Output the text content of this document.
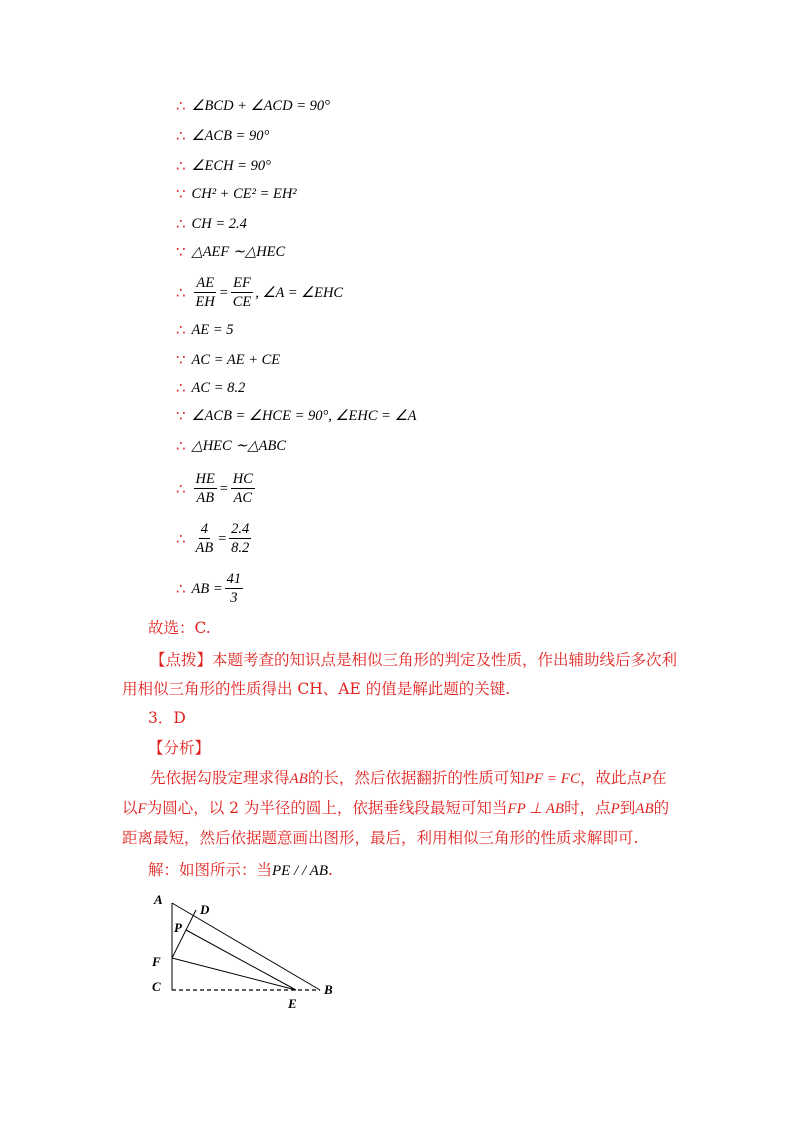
∴ ∠BCD + ∠ACD = 90°
∴ ∠ACB = 90°
∴ ∠ECH = 90°
∵ CH² + CE² = EH²
∴ CH = 2.4
∵ △AEF ∼△HEC
∴ $\frac{AE}{EH} = \frac{EF}{CE}$ , ∠A = ∠EHC
∴ AE = 5
∵ AC = AE + CE
∴ AC = 8.2
∵ ∠ACB = ∠HCE = 90°, ∠EHC = ∠A
∴ △HEC ∼△ABC
∴ $\frac{HE}{AB} = \frac{HC}{AC}$
∴ $\frac{4}{AB} = \frac{2.4}{8.2}$
∴ AB = $\frac{41}{3}$
故选：C.
【点拨】本题考查的知识点是相似三角形的判定及性质，作出辅助线后多次利用相似三角形的性质得出 CH、AE 的值是解此题的关键.
3．D
【分析】
先依据勾股定理求得AB的长，然后依据翻折的性质可知PF = FC，故此点P在以F为圆心，以 2 为半径的圆上，依据垂线段最短可知当FP ⊥ AB时，点P到AB的距离最短，然后依据题意画出图形，最后，利用相似三角形的性质求解即可.
解：如图所示：当PE / / AB.
A
D
P
F
C
E
B
